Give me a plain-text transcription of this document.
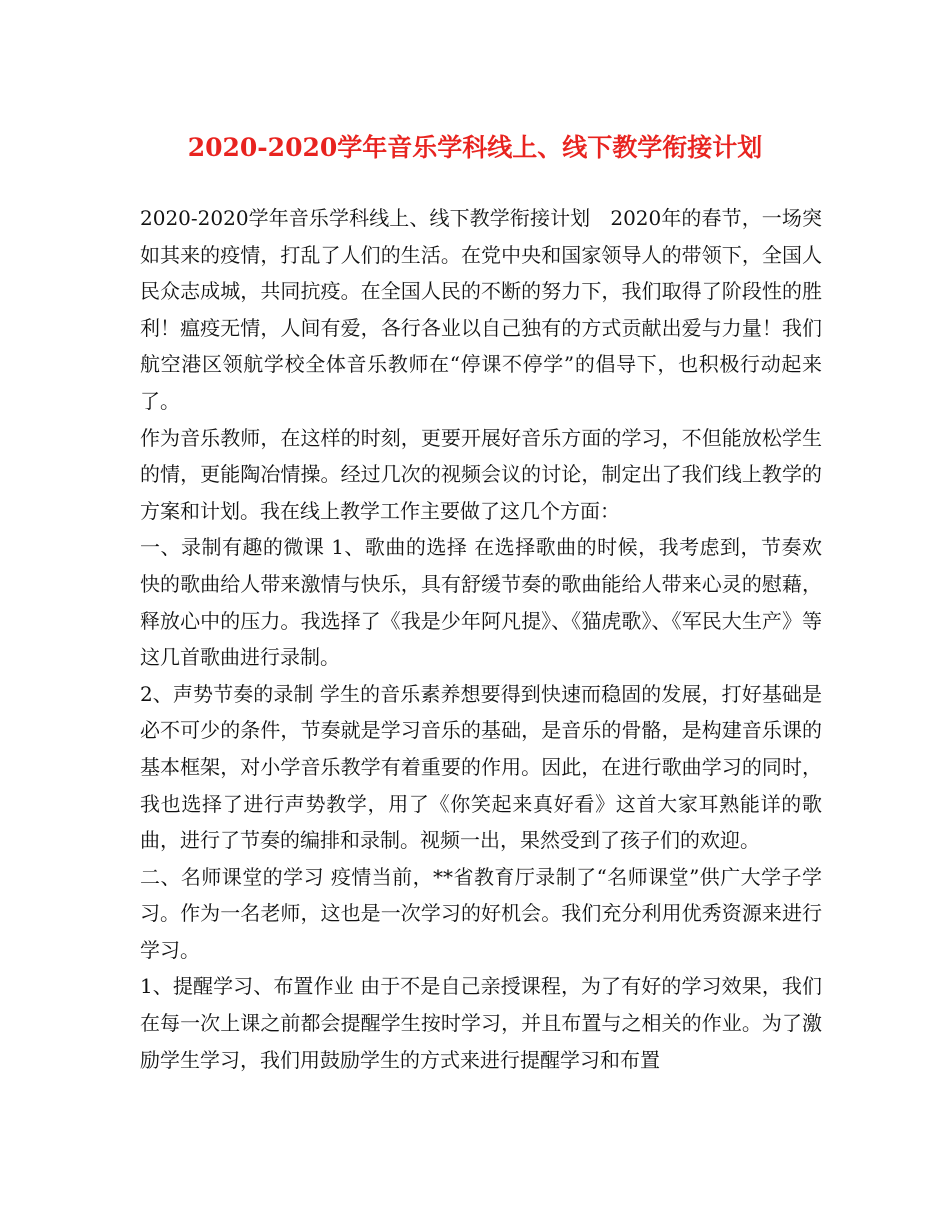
2020-2020学年音乐学科线上、线下教学衔接计划

2020-2020学年音乐学科线上、线下教学衔接计划　2020年的春节，一场突如其来的疫情，打乱了人们的生活。在党中央和国家领导人的带领下，全国人民众志成城，共同抗疫。在全国人民的不断的努力下，我们取得了阶段性的胜利！瘟疫无情，人间有爱，各行各业以自己独有的方式贡献出爱与力量！我们航空港区领航学校全体音乐教师在“停课不停学”的倡导下，也积极行动起来了。

作为音乐教师，在这样的时刻，更要开展好音乐方面的学习，不但能放松学生的情，更能陶冶情操。经过几次的视频会议的讨论，制定出了我们线上教学的方案和计划。我在线上教学工作主要做了这几个方面：

一、录制有趣的微课 1、歌曲的选择 在选择歌曲的时候，我考虑到，节奏欢快的歌曲给人带来激情与快乐，具有舒缓节奏的歌曲能给人带来心灵的慰藉，释放心中的压力。我选择了《我是少年阿凡提》、《猫虎歌》、《军民大生产》等这几首歌曲进行录制。

2、声势节奏的录制 学生的音乐素养想要得到快速而稳固的发展，打好基础是必不可少的条件，节奏就是学习音乐的基础，是音乐的骨骼，是构建音乐课的基本框架，对小学音乐教学有着重要的作用。因此，在进行歌曲学习的同时，我也选择了进行声势教学，用了《你笑起来真好看》这首大家耳熟能详的歌曲，进行了节奏的编排和录制。视频一出，果然受到了孩子们的欢迎。

二、名师课堂的学习 疫情当前，**省教育厅录制了“名师课堂”供广大学子学习。作为一名老师，这也是一次学习的好机会。我们充分利用优秀资源来进行学习。

1、提醒学习、布置作业 由于不是自己亲授课程，为了有好的学习效果，我们在每一次上课之前都会提醒学生按时学习，并且布置与之相关的作业。为了激励学生学习，我们用鼓励学生的方式来进行提醒学习和布置
